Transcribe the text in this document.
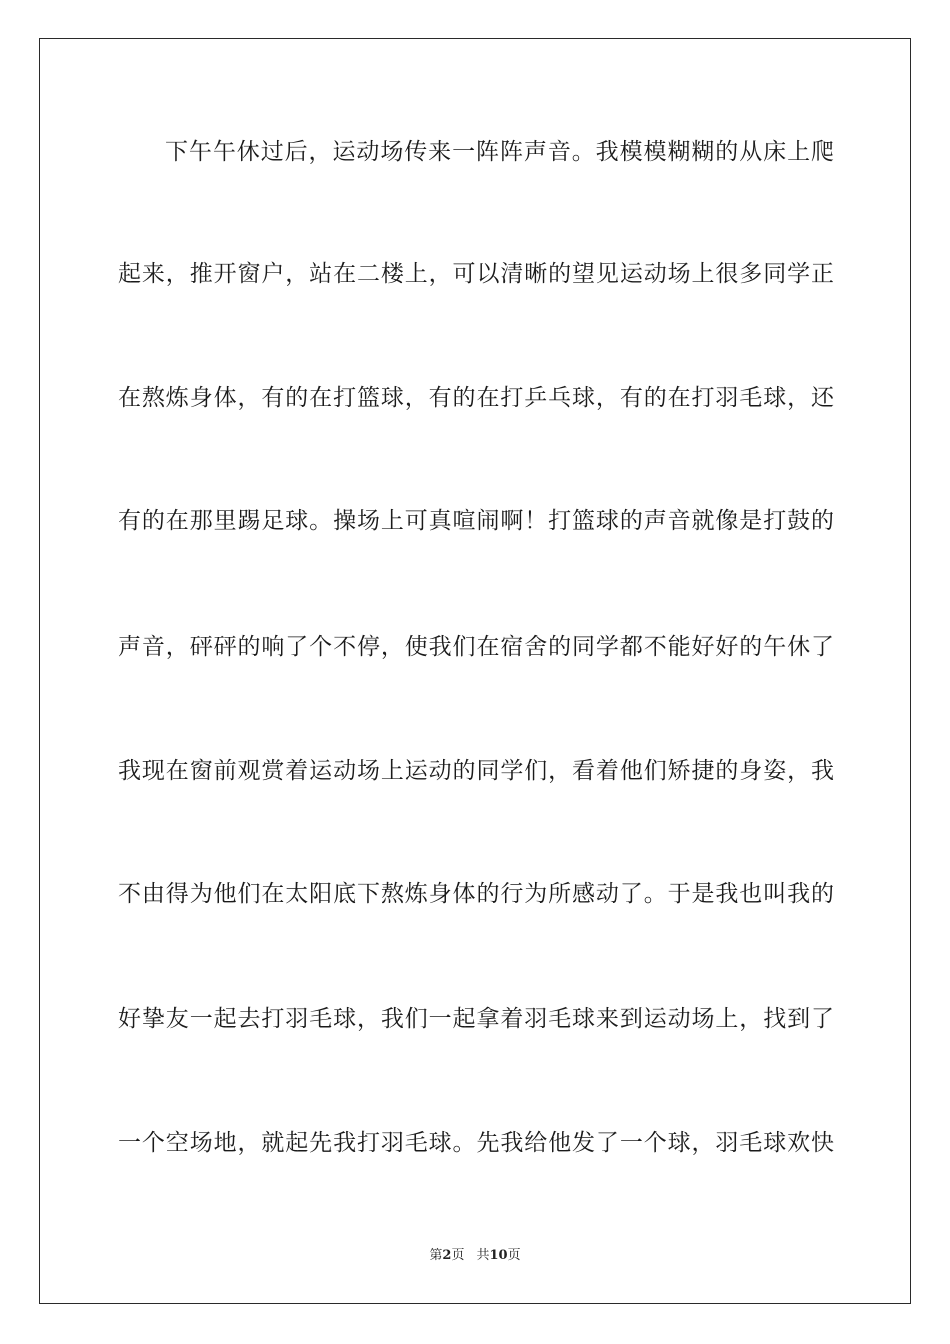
下午午休过后，运动场传来一阵阵声音。我模模糊糊的从床上爬
起来，推开窗户，站在二楼上，可以清晰的望见运动场上很多同学正
在熬炼身体，有的在打篮球，有的在打乒乓球，有的在打羽毛球，还
有的在那里踢足球。操场上可真喧闹啊！打篮球的声音就像是打鼓的
声音，砰砰的响了个不停，使我们在宿舍的同学都不能好好的午休了
我现在窗前观赏着运动场上运动的同学们，看着他们矫捷的身姿，我
不由得为他们在太阳底下熬炼身体的行为所感动了。于是我也叫我的
好挚友一起去打羽毛球，我们一起拿着羽毛球来到运动场上，找到了
一个空场地，就起先我打羽毛球。先我给他发了一个球，羽毛球欢快
第2页 共10页
